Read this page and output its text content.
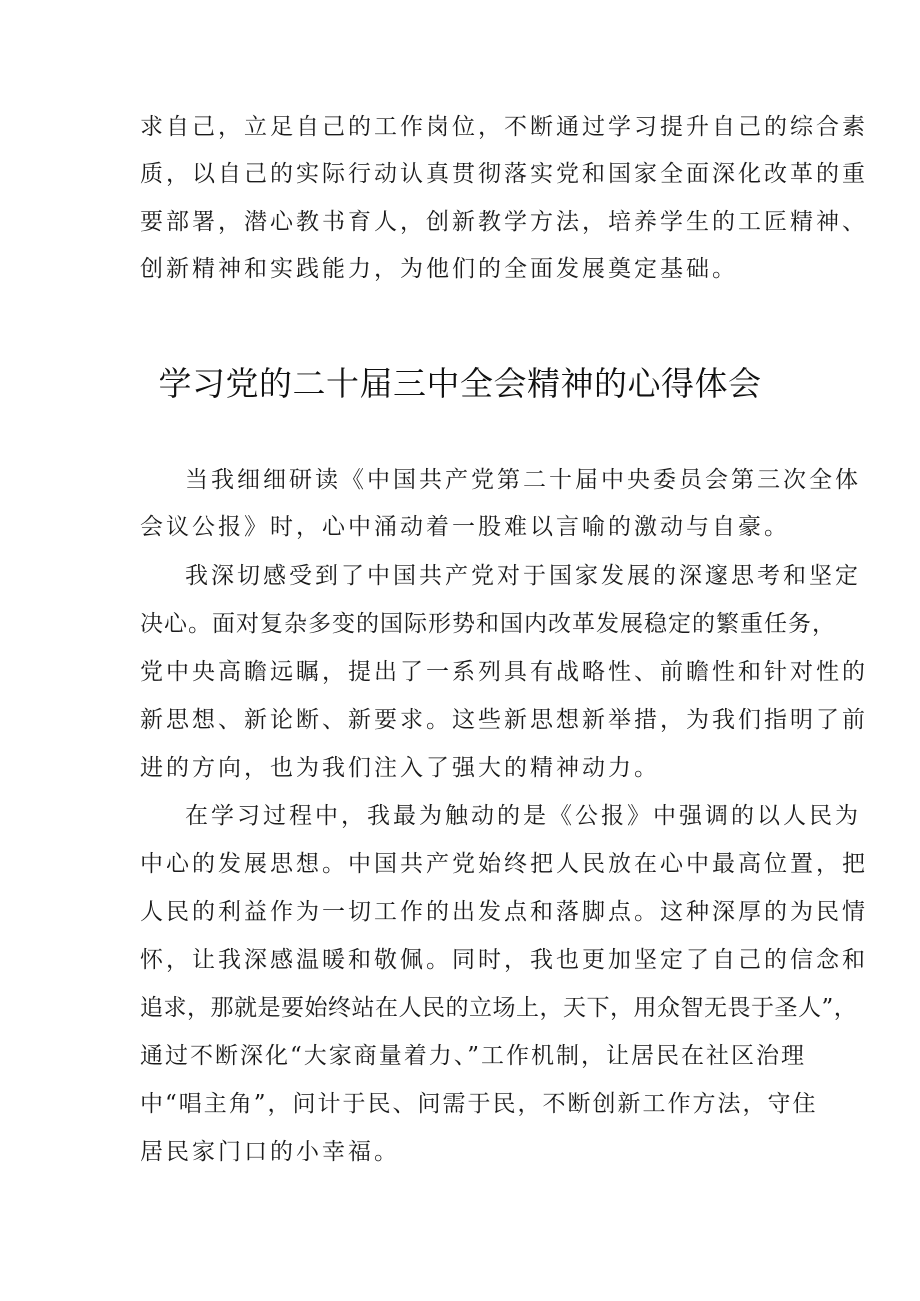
求自己，立足自己的工作岗位，不断通过学习提升自己的综合素
质，以自己的实际行动认真贯彻落实党和国家全面深化改革的重
要部署，潜心教书育人，创新教学方法，培养学生的工匠精神、
创新精神和实践能力，为他们的全面发展奠定基础。
学习党的二十届三中全会精神的心得体会
当我细细研读《中国共产党第二十届中央委员会第三次全体
会议公报》时，心中涌动着一股难以言喻的激动与自豪。
我深切感受到了中国共产党对于国家发展的深邃思考和坚定
决心。面对复杂多变的国际形势和国内改革发展稳定的繁重任务，
党中央高瞻远瞩，提出了一系列具有战略性、前瞻性和针对性的
新思想、新论断、新要求。这些新思想新举措，为我们指明了前
进的方向，也为我们注入了强大的精神动力。
在学习过程中，我最为触动的是《公报》中强调的以人民为
中心的发展思想。中国共产党始终把人民放在心中最高位置，把
人民的利益作为一切工作的出发点和落脚点。这种深厚的为民情
怀，让我深感温暖和敬佩。同时，我也更加坚定了自己的信念和
追求，那就是要始终站在人民的立场上，天下，用众智无畏于圣人”，
通过不断深化“大家商量着力、”工作机制，让居民在社区治理
中“唱主角”，问计于民、问需于民，不断创新工作方法，守住
居民家门口的小幸福。
